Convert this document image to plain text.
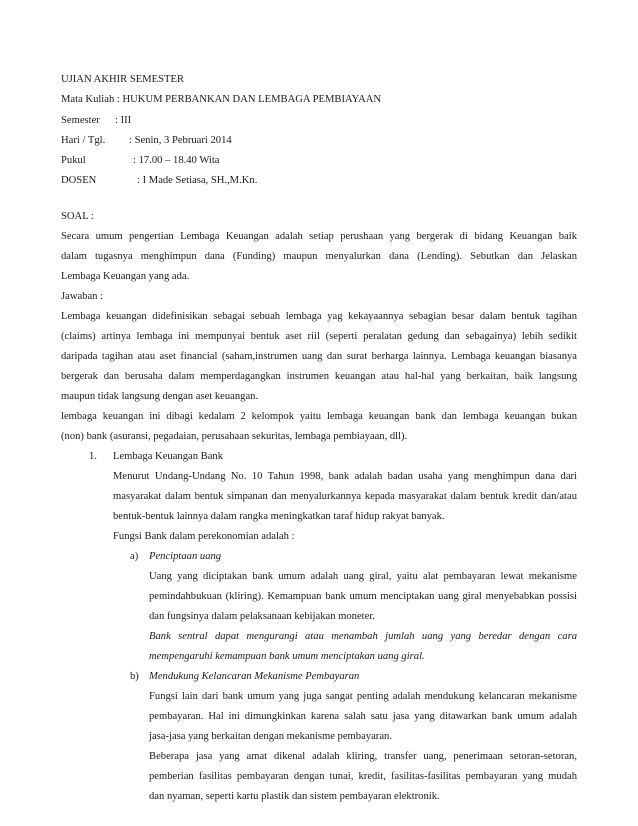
UJIAN AKHIR SEMESTER
Mata Kuliah : HUKUM PERBANKAN DAN LEMBAGA PEMBIAYAAN
Semester : III
Hari / Tgl. : Senin, 3 Pebruari 2014
Pukul	: 17.00 – 18.40 Wita
DOSEN	: I Made Setiasa, SH.,M.Kn.
SOAL :
Secara umum pengertian Lembaga Keuangan adalah setiap perushaan yang bergerak di bidang Keuangan baik
dalam tugasnya menghimpun dana (Funding) maupun menyalurkan dana (Lending). Sebutkan dan Jelaskan
Lembaga Keuangan yang ada.
Jawaban :
Lembaga keuangan didefinisikan sebagai sebuah lembaga yag kekayaannya sebagian besar dalam bentuk tagihan
(claims) artinya lembaga ini mempunyai bentuk aset riil (seperti peralatan gedung dan sebagainya) lebih sedikit
daripada tagihan atau aset financial (saham,instrumen uang dan surat berharga lainnya. Lembaga keuangan biasanya
bergerak dan berusaha dalam memperdagangkan instrumen keuangan atau hal-hal yang berkaitan, baik langsung
maupun tidak langsung dengan aset keuangan.
lembaga keuangan ini dibagi kedalam 2 kelompok yaitu lembaga keuangan bank dan lembaga keuangan bukan
(non) bank (asuransi, pegadaian, perusahaan sekuritas, lembaga pembiayaan, dll).
1. Lembaga Keuangan Bank
Menurut Undang-Undang No. 10 Tahun 1998, bank adalah badan usaha yang menghimpun dana dari
masyarakat dalam bentuk simpanan dan menyalurkannya kepada masyarakat dalam bentuk kredit dan/atau
bentuk-bentuk lainnya dalam rangka meningkatkan taraf hidup rakyat banyak.
Fungsi Bank dalam perekonomian adalah :
a) Penciptaan uang
Uang yang diciptakan bank umum adalah uang giral, yaitu alat pembayaran lewat mekanisme
pemindahbukuan (kliring). Kemampuan bank umum menciptakan uang giral menyebabkan possisi
dan fungsinya dalam pelaksanaan kebijakan moneter.
Bank sentral dapat mengurangi atau menambah jumlah uang yang beredar dengan cara
mempengaruhi kemampuan bank umum menciptakan uang giral.
b) Mendukung Kelancaran Mekanisme Pembayaran
Fungsi lain dari bank umum yang juga sangat penting adalah mendukung kelancaran mekanisme
pembayaran. Hal ini dimungkinkan karena salah satu jasa yang ditawarkan bank umum adalah
jasa-jasa yang berkaitan dengan mekanisme pembayaran.
Beberapa jasa yang amat dikenal adalah kliring, transfer uang, penerimaan setoran-setoran,
pemberian fasilitas pembayaran dengan tunai, kredit, fasilitas-fasilitas pembayaran yang mudah
dan nyaman, seperti kartu plastik dan sistem pembayaran elektronik.
